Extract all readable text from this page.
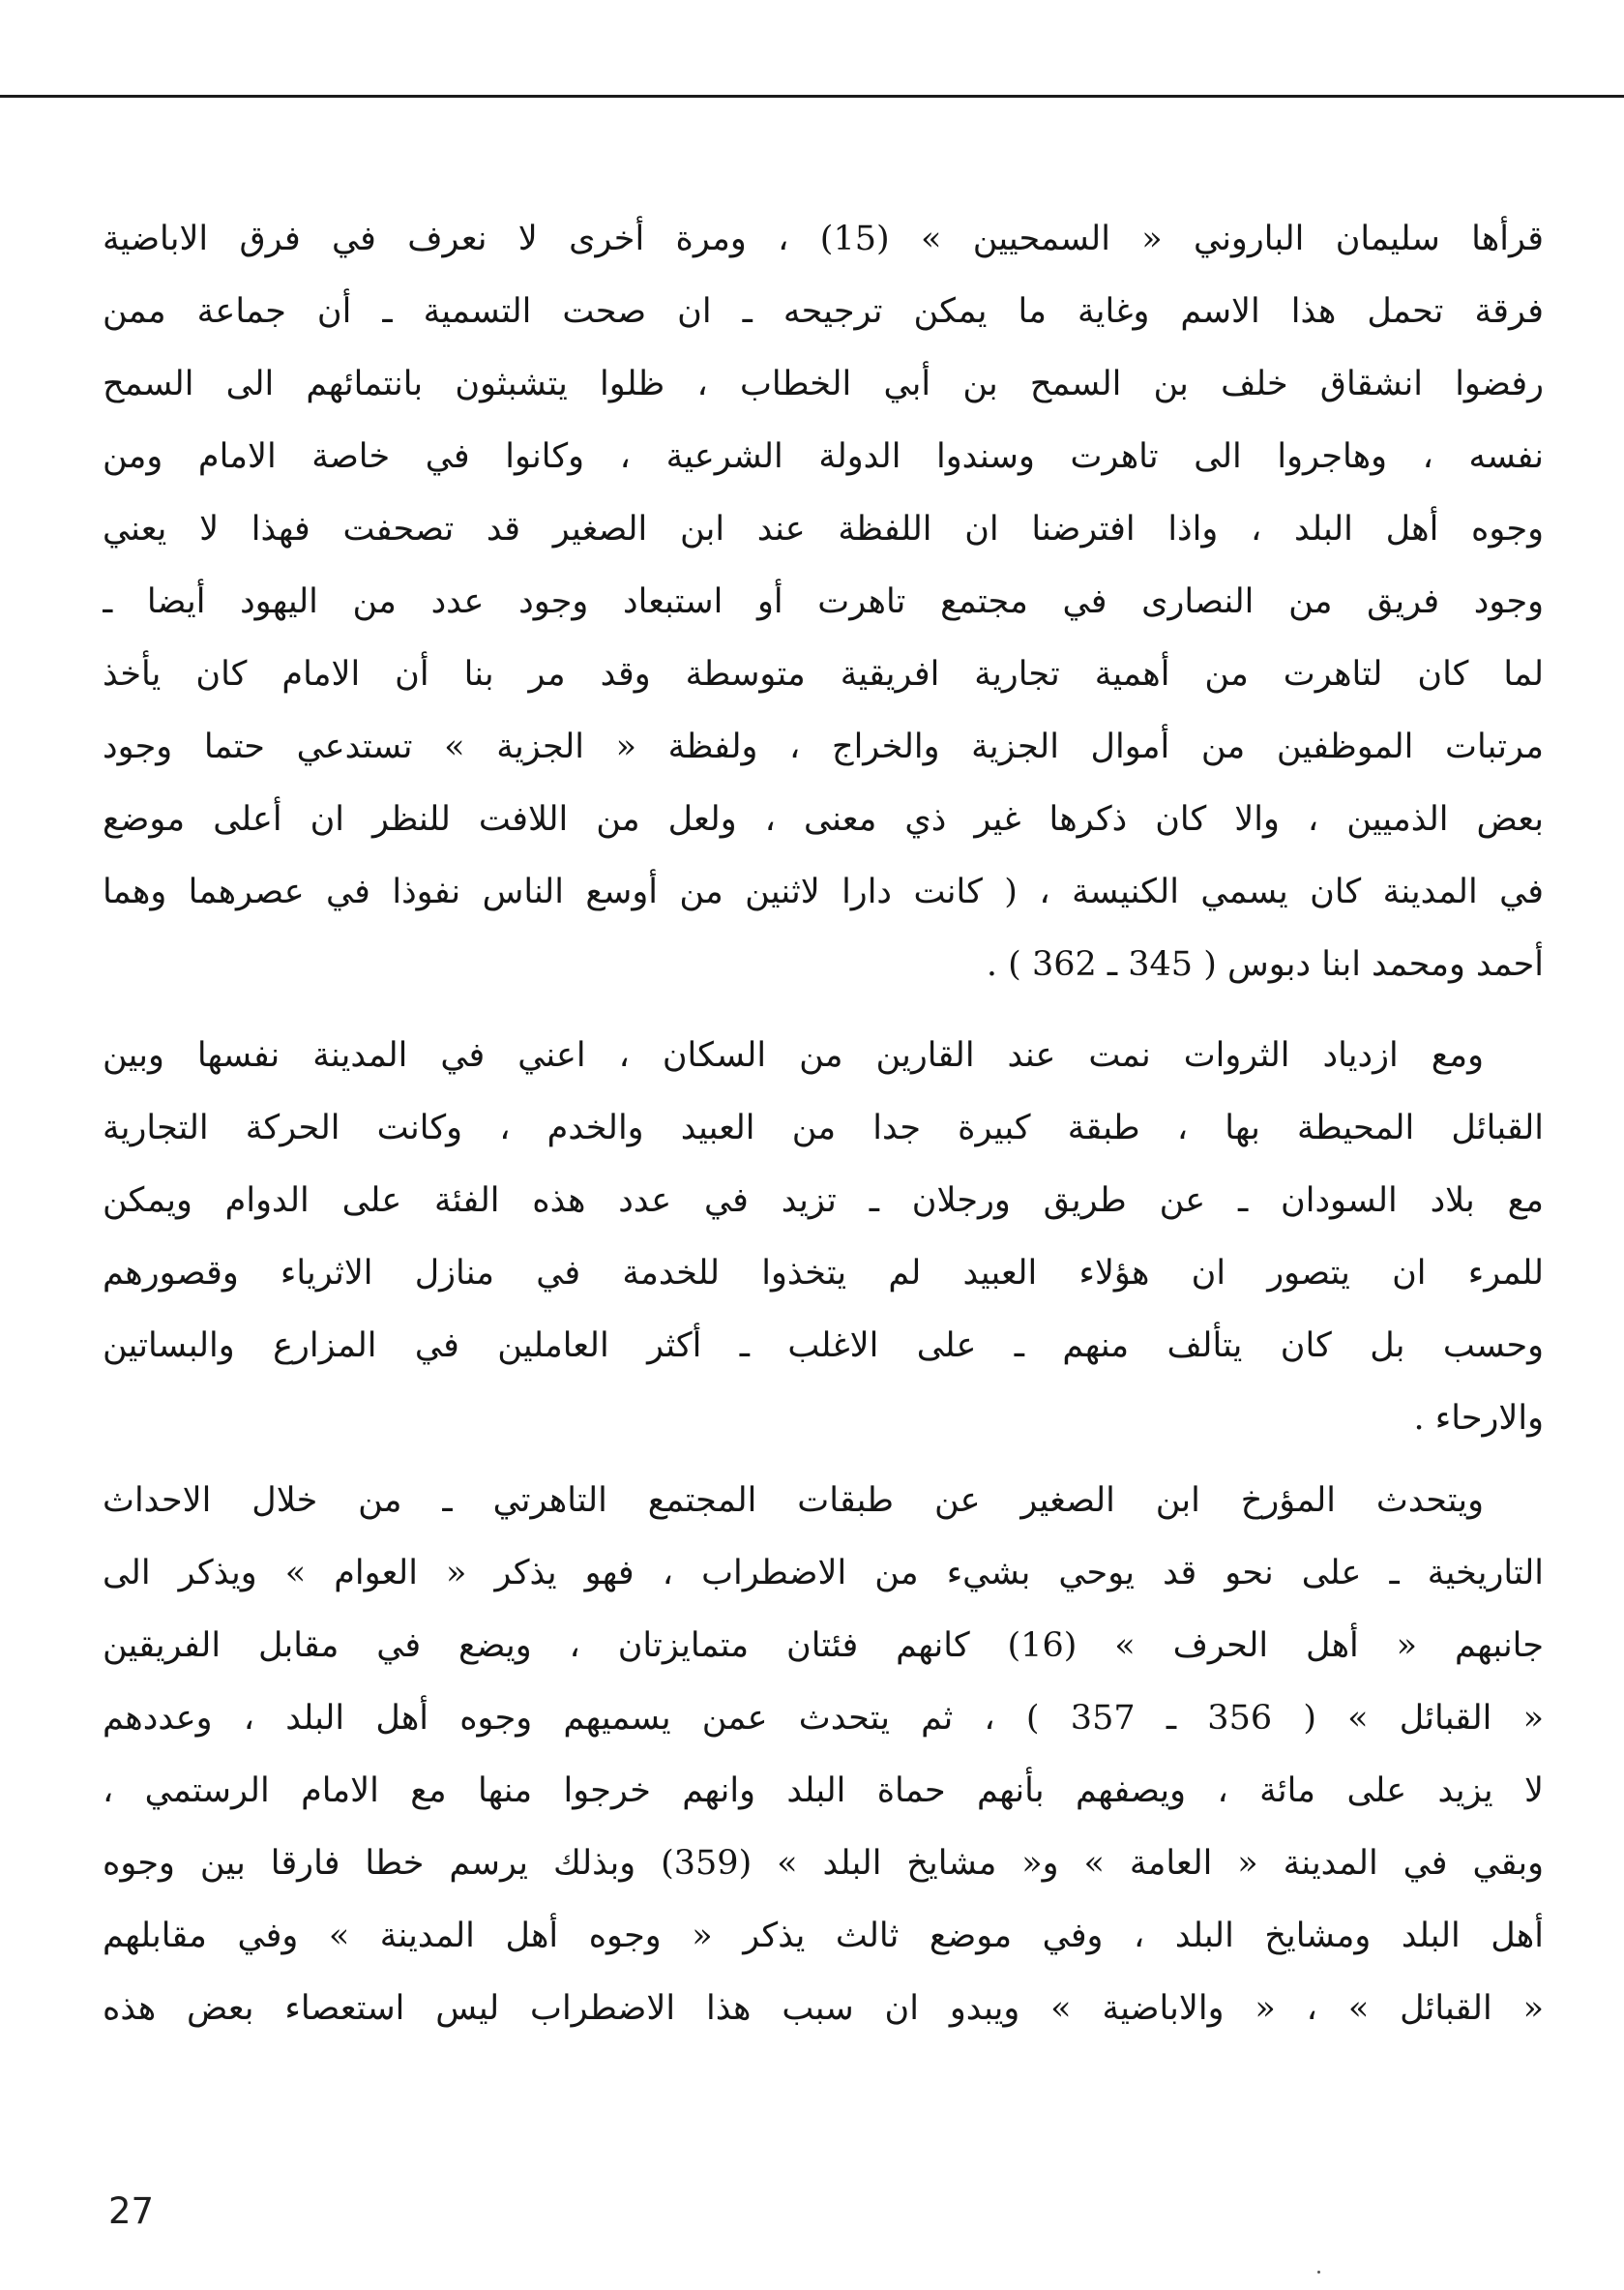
قرأها سليمان الباروني « السمحيين » (15) ، ومرة أخرى لا نعرف في فرق الاباضية
فرقة تحمل هذا الاسم وغاية ما يمكن ترجيحه ـ ان صحت التسمية ـ أن جماعة ممن
رفضوا انشقاق خلف بن السمح بن أبي الخطاب ، ظلوا يتشبثون بانتمائهم الى السمح
نفسه ، وهاجروا الى تاهرت وسندوا الدولة الشرعية ، وكانوا في خاصة الامام ومن
وجوه أهل البلد ، واذا افترضنا ان اللفظة عند ابن الصغير قد تصحفت فهذا لا يعني
وجود فريق من النصارى في مجتمع تاهرت أو استبعاد وجود عدد من اليهود أيضا ـ
لما كان لتاهرت من أهمية تجارية افريقية متوسطة وقد مر بنا أن الامام كان يأخذ
مرتبات الموظفين من أموال الجزية والخراج ، ولفظة « الجزية » تستدعي حتما وجود
بعض الذميين ، والا كان ذكرها غير ذي معنى ، ولعل من اللافت للنظر ان أعلى موضع
في المدينة كان يسمي الكنيسة ، ( كانت دارا لاثنين من أوسع الناس نفوذا في عصرهما وهما
أحمد ومحمد ابنا دبوس ( 345 ـ 362 ) .
ومع ازدياد الثروات نمت عند القارين من السكان ، اعني في المدينة نفسها وبين
القبائل المحيطة بها ، طبقة كبيرة جدا من العبيد والخدم ، وكانت الحركة التجارية
مع بلاد السودان ـ عن طريق ورجلان ـ تزيد في عدد هذه الفئة على الدوام ويمكن
للمرء ان يتصور ان هؤلاء العبيد لم يتخذوا للخدمة في منازل الاثرياء وقصورهم
وحسب بل كان يتألف منهم ـ على الاغلب ـ أكثر العاملين في المزارع والبساتين
والارحاء .
ويتحدث المؤرخ ابن الصغير عن طبقات المجتمع التاهرتي ـ من خلال الاحداث
التاريخية ـ على نحو قد يوحي بشيء من الاضطراب ، فهو يذكر « العوام » ويذكر الى
جانبهم « أهل الحرف » (16) كانهم فئتان متمايزتان ، ويضع في مقابل الفريقين
« القبائل » ( 356 ـ 357 ) ، ثم يتحدث عمن يسميهم وجوه أهل البلد ، وعددهم
لا يزيد على مائة ، ويصفهم بأنهم حماة البلد وانهم خرجوا منها مع الامام الرستمي ،
وبقي في المدينة « العامة » و« مشايخ البلد » (359) وبذلك يرسم خطا فارقا بين وجوه
أهل البلد ومشايخ البلد ، وفي موضع ثالث يذكر « وجوه أهل المدينة » وفي مقابلهم
« القبائل » ، « والاباضية » ويبدو ان سبب هذا الاضطراب ليس استعصاء بعض هذه
27
